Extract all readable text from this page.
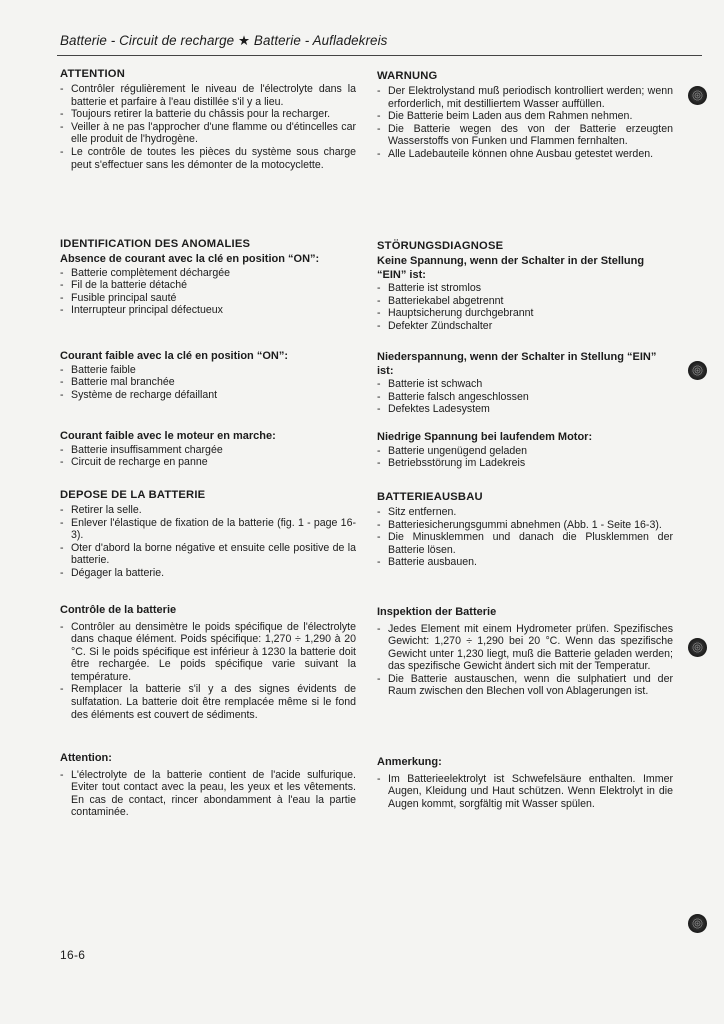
Batterie - Circuit de recharge ★ Batterie - Aufladekreis
ATTENTION
- Contrôler régulièrement le niveau de l'électrolyte dans la batterie et parfaire à l'eau distillée s'il y a lieu.
- Toujours retirer la batterie du châssis pour la recharger.
- Veiller à ne pas l'approcher d'une flamme ou d'étincelles car elle produit de l'hydrogène.
- Le contrôle de toutes les pièces du système sous charge peut s'effectuer sans les démonter de la motocyclette.
IDENTIFICATION DES ANOMALIES
Absence de courant avec la clé en position “ON”:
- Batterie complètement déchargée
- Fil de la batterie détaché
- Fusible principal sauté
- Interrupteur principal défectueux
Courant faible avec la clé en position “ON”:
- Batterie faible
- Batterie mal branchée
- Système de recharge défaillant
Courant faible avec le moteur en marche:
- Batterie insuffisamment chargée
- Circuit de recharge en panne
DEPOSE DE LA BATTERIE
- Retirer la selle.
- Enlever l'élastique de fixation de la batterie (fig. 1 - page 16-3).
- Oter d'abord la borne négative et ensuite celle positive de la batterie.
- Dégager la batterie.
Contrôle de la batterie
- Contrôler au densimètre le poids spécifique de l'électrolyte dans chaque élément. Poids spécifique: 1,270 ÷ 1,290 à 20 °C. Si le poids spécifique est inférieur à 1230 la batterie doit être rechargée. Le poids spécifique varie suivant la température.
- Remplacer la batterie s'il y a des signes évidents de sulfatation. La batterie doit être remplacée même si le fond des éléments est couvert de sédiments.
Attention:
- L'électrolyte de la batterie contient de l'acide sulfurique. Eviter tout contact avec la peau, les yeux et les vêtements. En cas de contact, rincer abondamment à l'eau la partie contaminée.
WARNUNG
- Der Elektrolystand muß periodisch kontrolliert werden; wenn erforderlich, mit destilliertem Wasser auffüllen.
- Die Batterie beim Laden aus dem Rahmen nehmen.
- Die Batterie wegen des von der Batterie erzeugten Wasserstoffs von Funken und Flammen fernhalten.
- Alle Ladebauteile können ohne Ausbau getestet werden.
STÖRUNGSDIAGNOSE
Keine Spannung, wenn der Schalter in der Stellung “EIN” ist:
- Batterie ist stromlos
- Batteriekabel abgetrennt
- Hauptsicherung durchgebrannt
- Defekter Zündschalter
Niederspannung, wenn der Schalter in Stellung “EIN” ist:
- Batterie ist schwach
- Batterie falsch angeschlossen
- Defektes Ladesystem
Niedrige Spannung bei laufendem Motor:
- Batterie ungenügend geladen
- Betriebsstörung im Ladekreis
BATTERIEAUSBAU
- Sitz entfernen.
- Batteriesicherungsgummi abnehmen (Abb. 1 - Seite 16-3).
- Die Minusklemmen und danach die Plusklemmen der Batterie lösen.
- Batterie ausbauen.
Inspektion der Batterie
- Jedes Element mit einem Hydrometer prüfen. Spezifisches Gewicht: 1,270 ÷ 1,290 bei 20 °C. Wenn das spezifische Gewicht unter 1,230 liegt, muß die Batterie geladen werden; das spezifische Gewicht ändert sich mit der Temperatur.
- Die Batterie austauschen, wenn die sulphatiert und der Raum zwischen den Blechen voll von Ablagerungen ist.
Anmerkung:
- Im Batterieelektrolyt ist Schwefelsäure enthalten. Immer Augen, Kleidung und Haut schützen. Wenn Elektrolyt in die Augen kommt, sorgfältig mit Wasser spülen.
16-6
